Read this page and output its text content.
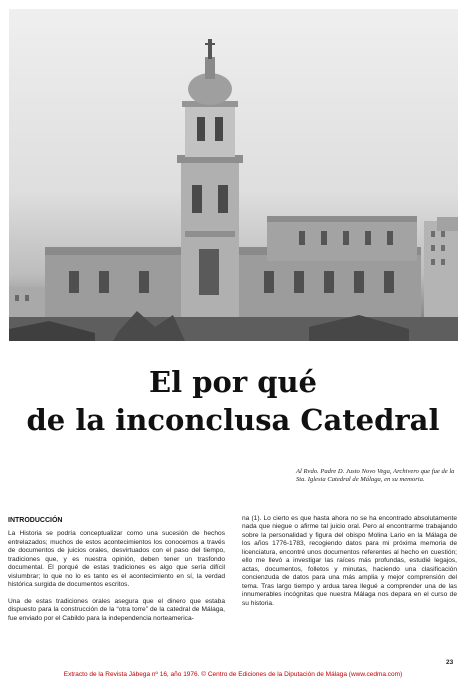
El por qué
de la inconclusa Catedral

Al Rvdo. Padre D. Justo Novo Vega, Archivero que fue de la Sta. Iglesia Catedral de Málaga, en su memoria.

INTRODUCCIÓN

La Historia se podría conceptualizar como una sucesión de hechos entrelazados; muchos de estos acontecimientos los conocemos a través de documentos de juicios orales, desvirtuados con el paso del tiempo, tradiciones que, y es nuestra opinión, deben tener un trasfondo documental. El porqué de estas tradiciones es algo que sería difícil vislumbrar; lo que no lo es tanto es el acontecimiento en sí, la verdad histórica surgida de documentos escritos.

Una de estas tradiciones orales asegura que el dinero que estaba dispuesto para la construcción de la “otra torre” de la catedral de Málaga, fue enviado por el Cabildo para la independencia norteamerica-

na (1). Lo cierto es que hasta ahora no se ha encontrado absolutamente nada que niegue o afirme tal juicio oral. Pero al encontrarme trabajando sobre la personalidad y figura del obispo Molina Lario en la Málaga de los años 1776-1783, recogiendo datos para mi próxima memoria de licenciatura, encontré unos documentos referentes al hecho en cuestión; ello me llevó a investigar las raíces más profundas, estudié legajos, actas, documentos, folletos y minutas, haciendo una clasificación concienzuda de datos para una más amplia y mejor comprensión del tema. Tras largo tiempo y ardua tarea llegué a comprender una de las innumerables incógnitas que nuestra Málaga nos depara en el curso de su historia.

23
Extracto de la Revista Jábega nº 16, año 1976. © Centro de Ediciones de la Diputación de Málaga (www.cedma.com)
